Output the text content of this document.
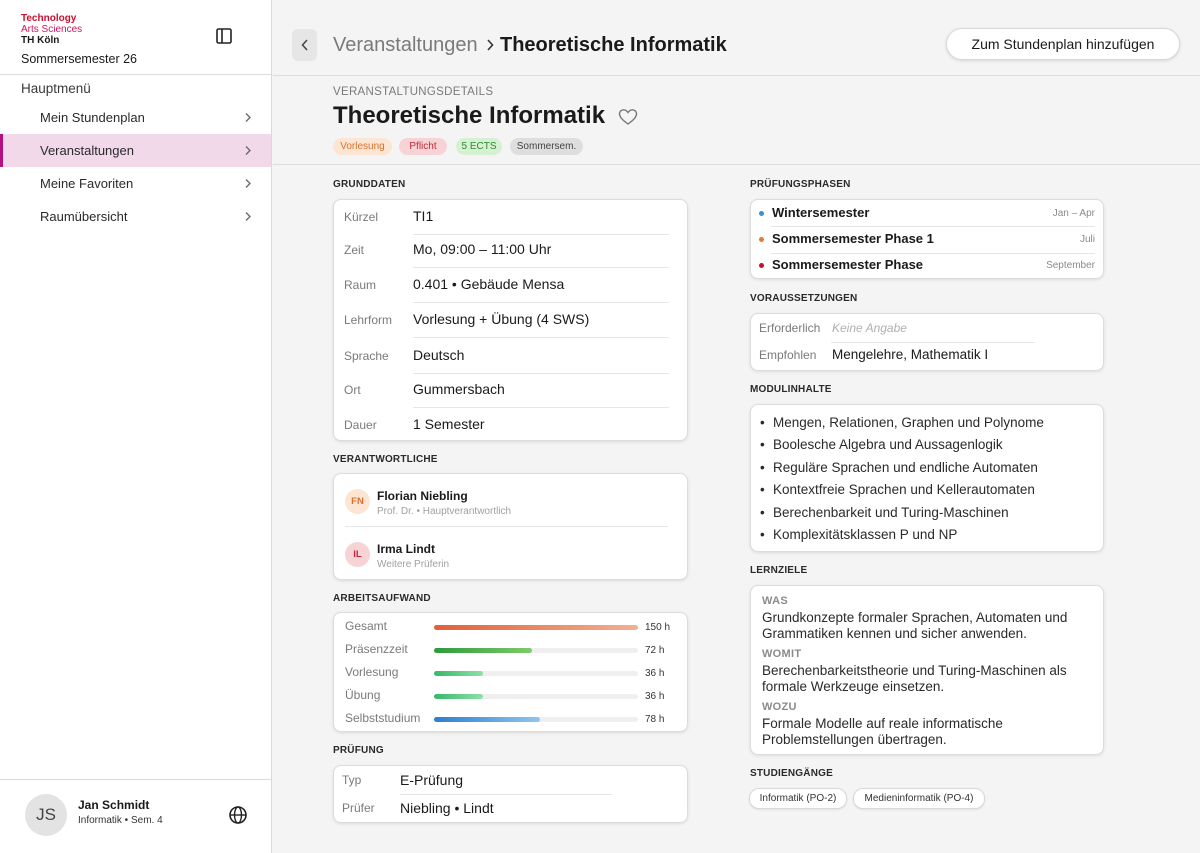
Technology
Arts Sciences
TH Köln
Sommersemester 26
Hauptmenü
Mein Stundenplan
Veranstaltungen
Meine Favoriten
Raumübersicht
JS	Jan Schmidt
Informatik • Sem. 4
Veranstaltungen Theoretische Informatik	Zum Stundenplan hinzufügen
VERANSTALTUNGSDETAILS
Theoretische Informatik
Vorlesung	Pflicht	5 ECTS	Sommersem.
GRUNDDATEN
Kürzel TI1
Zeit	Mo, 09:00 – 11:00 Uhr
Raum	0.401 • Gebäude Mensa
Lehrform Vorlesung + Übung (4 SWS)
Sprache Deutsch
Ort	Gummersbach
Dauer	1 Semester
VERANTWORTLICHE
FN	Florian Niebling
Prof. Dr. • Hauptverantwortlich
IL	Irma Lindt
Weitere Prüferin
ARBEITSAUFWAND
Gesamt	150 h
Präsenzzeit	72 h
Vorlesung	36 h
Übung	36 h
Selbststudium	78 h
PRÜFUNG
Typ	E-Prüfung
Prüfer Niebling • Lindt
PRÜFUNGSPHASEN
Wintersemester	Jan – Apr
Sommersemester Phase 1	Juli
Sommersemester Phase	September
VORAUSSETZUNGEN
Erforderlich Keine Angabe
Empfohlen Mengelehre, Mathematik I
MODULINHALTE
• Mengen, Relationen, Graphen und Polynome
• Boolesche Algebra und Aussagenlogik
• Reguläre Sprachen und endliche Automaten
• Kontextfreie Sprachen und Kellerautomaten
• Berechenbarkeit und Turing-Maschinen
• Komplexitätsklassen P und NP
LERNZIELE
WAS
Grundkonzepte formaler Sprachen, Automaten und Grammatiken kennen und sicher anwenden.
WOMIT
Berechenbarkeitstheorie und Turing-Maschinen als formale Werkzeuge einsetzen.
WOZU
Formale Modelle auf reale informatische Problemstellungen übertragen.
STUDIENGÄNGE
Informatik (PO-2)	Medieninformatik (PO-4)
